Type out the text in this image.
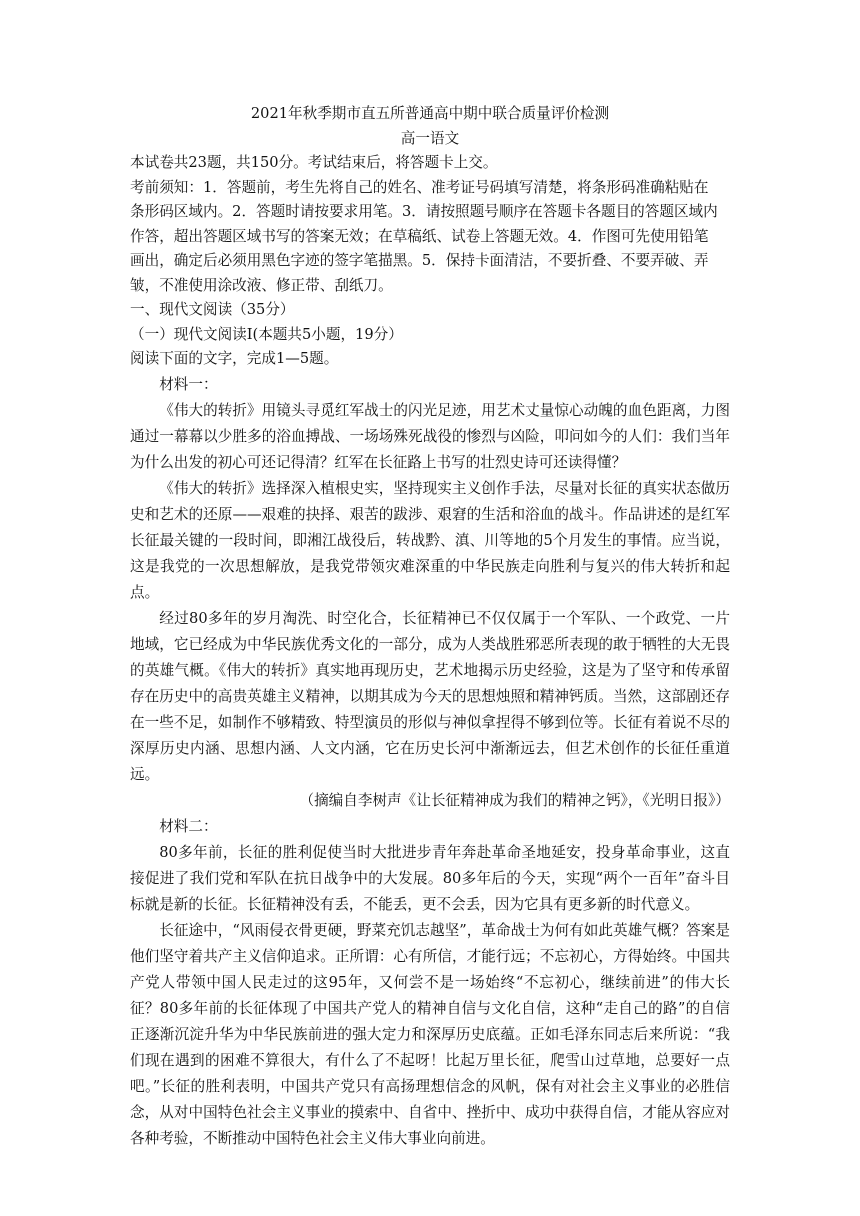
2021年秋季期市直五所普通高中期中联合质量评价检测

高一语文

本试卷共23题，共150分。考试结束后，将答题卡上交。

考前须知：1．答题前，考生先将自己的姓名、准考证号码填写清楚，将条形码准确粘贴在

条形码区域内。2．答题时请按要求用笔。3．请按照题号顺序在答题卡各题目的答题区域内

作答，超出答题区域书写的答案无效；在草稿纸、试卷上答题无效。4．作图可先使用铅笔

画出，确定后必须用黑色字迹的签字笔描黑。5．保持卡面清洁，不要折叠、不要弄破、弄

皱，不准使用涂改液、修正带、刮纸刀。

一、现代文阅读（35分）

（一）现代文阅读Ⅰ(本题共5小题，19分）

阅读下面的文字，完成1—5题。

材料一：

《伟大的转折》用镜头寻觅红军战士的闪光足迹，用艺术丈量惊心动魄的血色距离，力图通过一幕幕以少胜多的浴血搏战、一场场殊死战役的惨烈与凶险，叩问如今的人们：我们当年为什么出发的初心可还记得清？红军在长征路上书写的壮烈史诗可还读得懂？

《伟大的转折》选择深入植根史实，坚持现实主义创作手法，尽量对长征的真实状态做历史和艺术的还原——艰难的抉择、艰苦的跋涉、艰窘的生活和浴血的战斗。作品讲述的是红军长征最关键的一段时间，即湘江战役后，转战黔、滇、川等地的5个月发生的事情。应当说，这是我党的一次思想解放，是我党带领灾难深重的中华民族走向胜利与复兴的伟大转折和起点。

经过80多年的岁月淘洗、时空化合，长征精神已不仅仅属于一个军队、一个政党、一片地域，它已经成为中华民族优秀文化的一部分，成为人类战胜邪恶所表现的敢于牺牲的大无畏的英雄气概。《伟大的转折》真实地再现历史，艺术地揭示历史经验，这是为了坚守和传承留存在历史中的高贵英雄主义精神，以期其成为今天的思想烛照和精神钙质。当然，这部剧还存在一些不足，如制作不够精致、特型演员的形似与神似拿捏得不够到位等。长征有着说不尽的深厚历史内涵、思想内涵、人文内涵，它在历史长河中渐渐远去，但艺术创作的长征任重道远。

（摘编自李树声《让长征精神成为我们的精神之钙》，《光明日报》）

材料二：

80多年前，长征的胜利促使当时大批进步青年奔赴革命圣地延安，投身革命事业，这直接促进了我们党和军队在抗日战争中的大发展。80多年后的今天，实现“两个一百年”奋斗目标就是新的长征。长征精神没有丢，不能丢，更不会丢，因为它具有更多新的时代意义。

长征途中，“风雨侵衣骨更硬，野菜充饥志越坚”，革命战士为何有如此英雄气概？答案是他们坚守着共产主义信仰追求。正所谓：心有所信，才能行远；不忘初心，方得始终。中国共产党人带领中国人民走过的这95年，又何尝不是一场始终“不忘初心，继续前进”的伟大长征？80多年前的长征体现了中国共产党人的精神自信与文化自信，这种“走自己的路”的自信正逐渐沉淀升华为中华民族前进的强大定力和深厚历史底蕴。正如毛泽东同志后来所说：“我们现在遇到的困难不算很大，有什么了不起呀！比起万里长征，爬雪山过草地，总要好一点吧。”长征的胜利表明，中国共产党只有高扬理想信念的风帆，保有对社会主义事业的必胜信念，从对中国特色社会主义事业的摸索中、自省中、挫折中、成功中获得自信，才能从容应对各种考验，不断推动中国特色社会主义伟大事业向前进。
